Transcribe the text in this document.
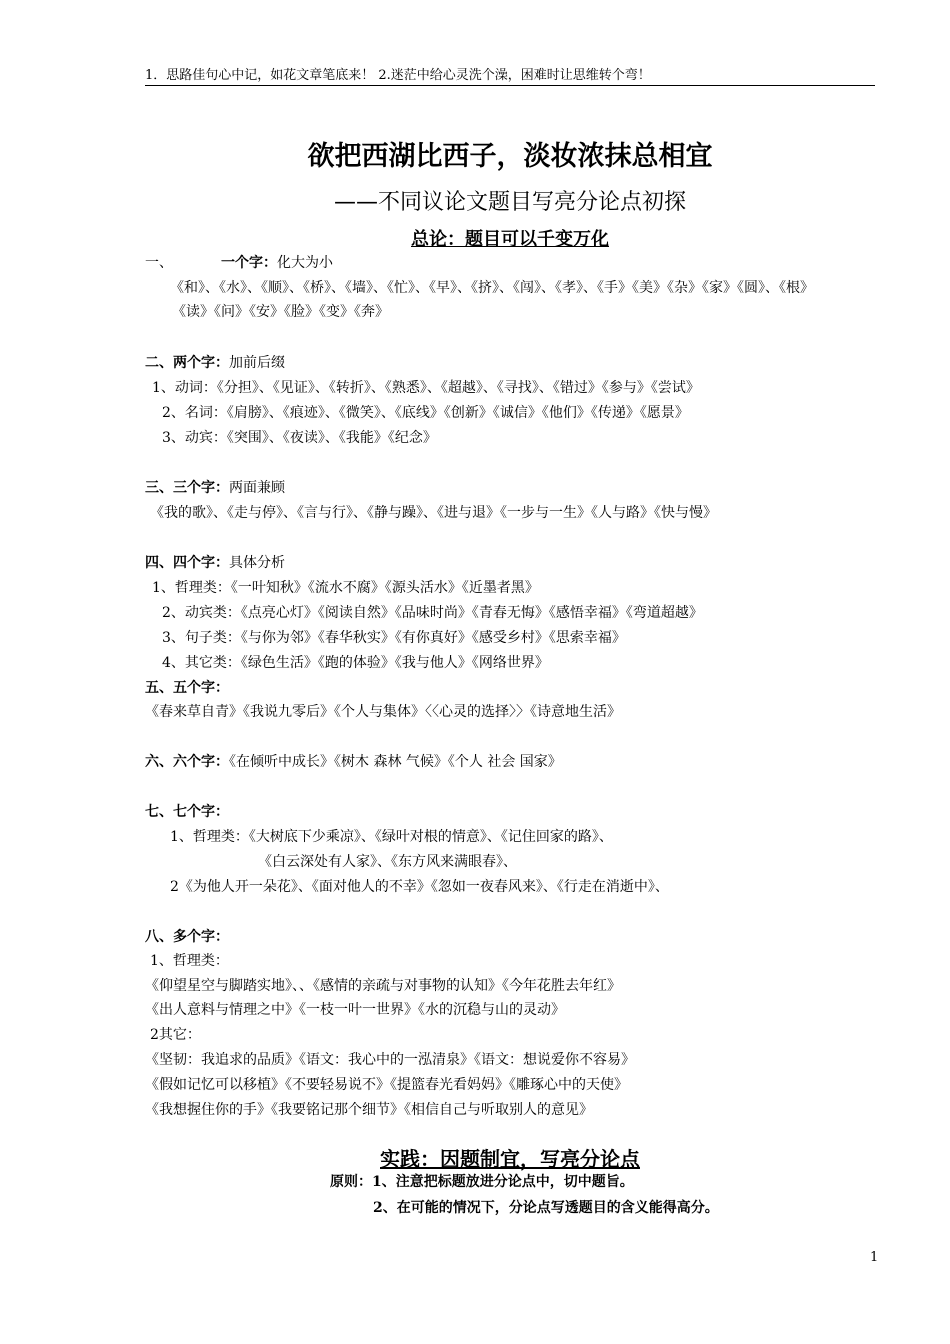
1．思路佳句心中记，如花文章笔底来！ 2.迷茫中给心灵洗个澡，困难时让思维转个弯！
欲把西湖比西子，淡妆浓抹总相宜
——不同议论文题目写亮分论点初探
总论：题目可以千变万化
一、	一个字：化大为小
《和》、《水》、《顺》、《桥》、《墙》、《忙》、《早》、《挤》、《闯》、《孝》、《手》《美》《杂》《家》《圆》、《根》
《读》《问》《安》《脸》《变》《奔》
二、两个字：加前后缀
1、动词：《分担》、《见证》、《转折》、《熟悉》、《超越》、《寻找》、《错过》《参与》《尝试》
2、名词：《肩膀》、《痕迹》、《微笑》、《底线》《创新》《诚信》《他们》《传递》《愿景》
3、动宾：《突围》、《夜读》、《我能》《纪念》
三、三个字：两面兼顾
《我的歌》、《走与停》、《言与行》、《静与躁》、《进与退》《一步与一生》《人与路》《快与慢》
四、四个字：具体分析
1、哲理类：《一叶知秋》《流水不腐》《源头活水》《近墨者黑》
2、动宾类：《点亮心灯》《阅读自然》《品味时尚》《青春无悔》《感悟幸福》《弯道超越》
3、句子类：《与你为邻》《春华秋实》《有你真好》《感受乡村》《思索幸福》
4、其它类：《绿色生活》《跑的体验》《我与他人》《网络世界》
五、五个字：
《春来草自青》《我说九零后》《个人与集体》〈〈心灵的选择〉〉《诗意地生活》
六、六个字：《在倾听中成长》《树木 森林 气候》《个人 社会 国家》
七、七个字：
1、哲理类：《大树底下少乘凉》、《绿叶对根的情意》、《记住回家的路》、
《白云深处有人家》、《东方风来满眼春》、
2《为他人开一朵花》、《面对他人的不幸》《忽如一夜春风来》、《行走在消逝中》、
八、多个字：
1、哲理类：
《仰望星空与脚踏实地》、、《感情的亲疏与对事物的认知》《今年花胜去年红》
《出人意料与情理之中》《一枝一叶一世界》《水的沉稳与山的灵动》
2其它：
《坚韧：我追求的品质》《语文：我心中的一泓清泉》《语文：想说爱你不容易》
《假如记忆可以移植》《不要轻易说不》《提篮春光看妈妈》《雕琢心中的天使》
《我想握住你的手》《我要铭记那个细节》《相信自己与听取别人的意见》
实践：因题制宜，写亮分论点
原则：1、注意把标题放进分论点中，切中题旨。
2、在可能的情况下，分论点写透题目的含义能得高分。
1
